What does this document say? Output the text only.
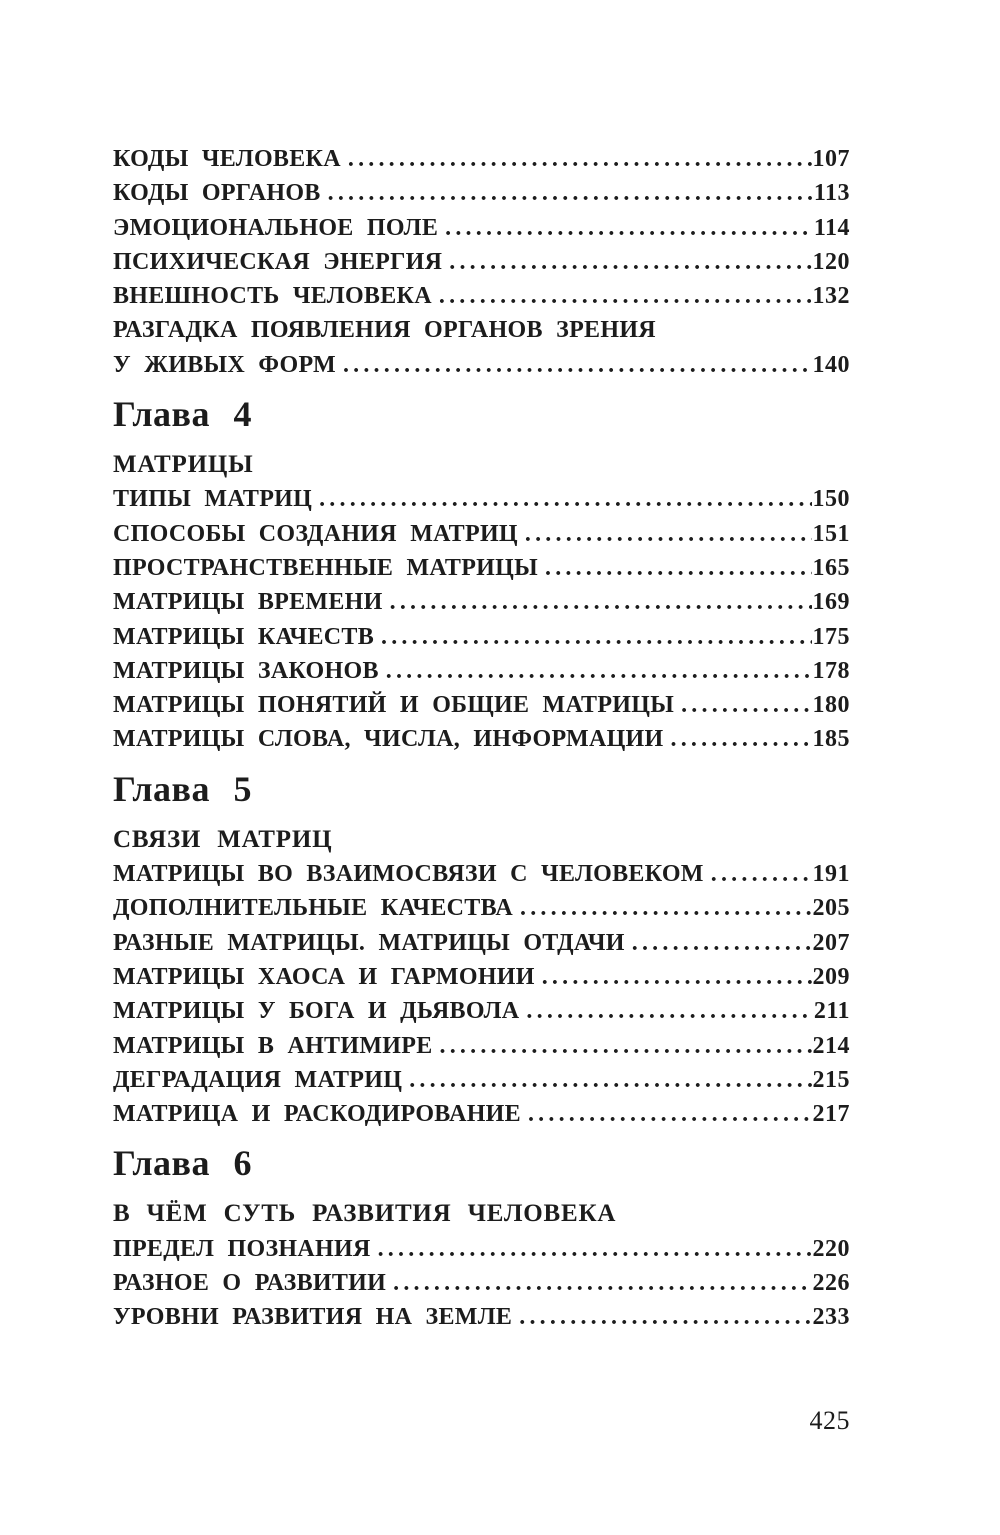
КОДЫ ЧЕЛОВЕКА .....	107
КОДЫ ОРГАНОВ .....	113
ЭМОЦИОНАЛЬНОЕ ПОЛЕ .....	114
ПСИХИЧЕСКАЯ ЭНЕРГИЯ .....	120
ВНЕШНОСТЬ ЧЕЛОВЕКА .....	132
РАЗГАДКА ПОЯВЛЕНИЯ ОРГАНОВ ЗРЕНИЯ
У ЖИВЫХ ФОРМ .....	140
Глава 4
МАТРИЦЫ
ТИПЫ МАТРИЦ .....	150
СПОСОБЫ СОЗДАНИЯ МАТРИЦ .....	151
ПРОСТРАНСТВЕННЫЕ МАТРИЦЫ .....	165
МАТРИЦЫ ВРЕМЕНИ .....	169
МАТРИЦЫ КАЧЕСТВ .....	175
МАТРИЦЫ ЗАКОНОВ .....	178
МАТРИЦЫ ПОНЯТИЙ И ОБЩИЕ МАТРИЦЫ .....	180
МАТРИЦЫ СЛОВА, ЧИСЛА, ИНФОРМАЦИИ .....	185
Глава 5
СВЯЗИ МАТРИЦ
МАТРИЦЫ ВО ВЗАИМОСВЯЗИ С ЧЕЛОВЕКОМ .....	191
ДОПОЛНИТЕЛЬНЫЕ КАЧЕСТВА .....	205
РАЗНЫЕ МАТРИЦЫ. МАТРИЦЫ ОТДАЧИ .....	207
МАТРИЦЫ ХАОСА И ГАРМОНИИ .....	209
МАТРИЦЫ У БОГА И ДЬЯВОЛА .....	211
МАТРИЦЫ В АНТИМИРЕ .....	214
ДЕГРАДАЦИЯ МАТРИЦ .....	215
МАТРИЦА И РАСКОДИРОВАНИЕ .....	217
Глава 6
В ЧЁМ СУТЬ РАЗВИТИЯ ЧЕЛОВЕКА
ПРЕДЕЛ ПОЗНАНИЯ .....	220
РАЗНОЕ О РАЗВИТИИ .....	226
УРОВНИ РАЗВИТИЯ НА ЗЕМЛЕ .....	233
425
